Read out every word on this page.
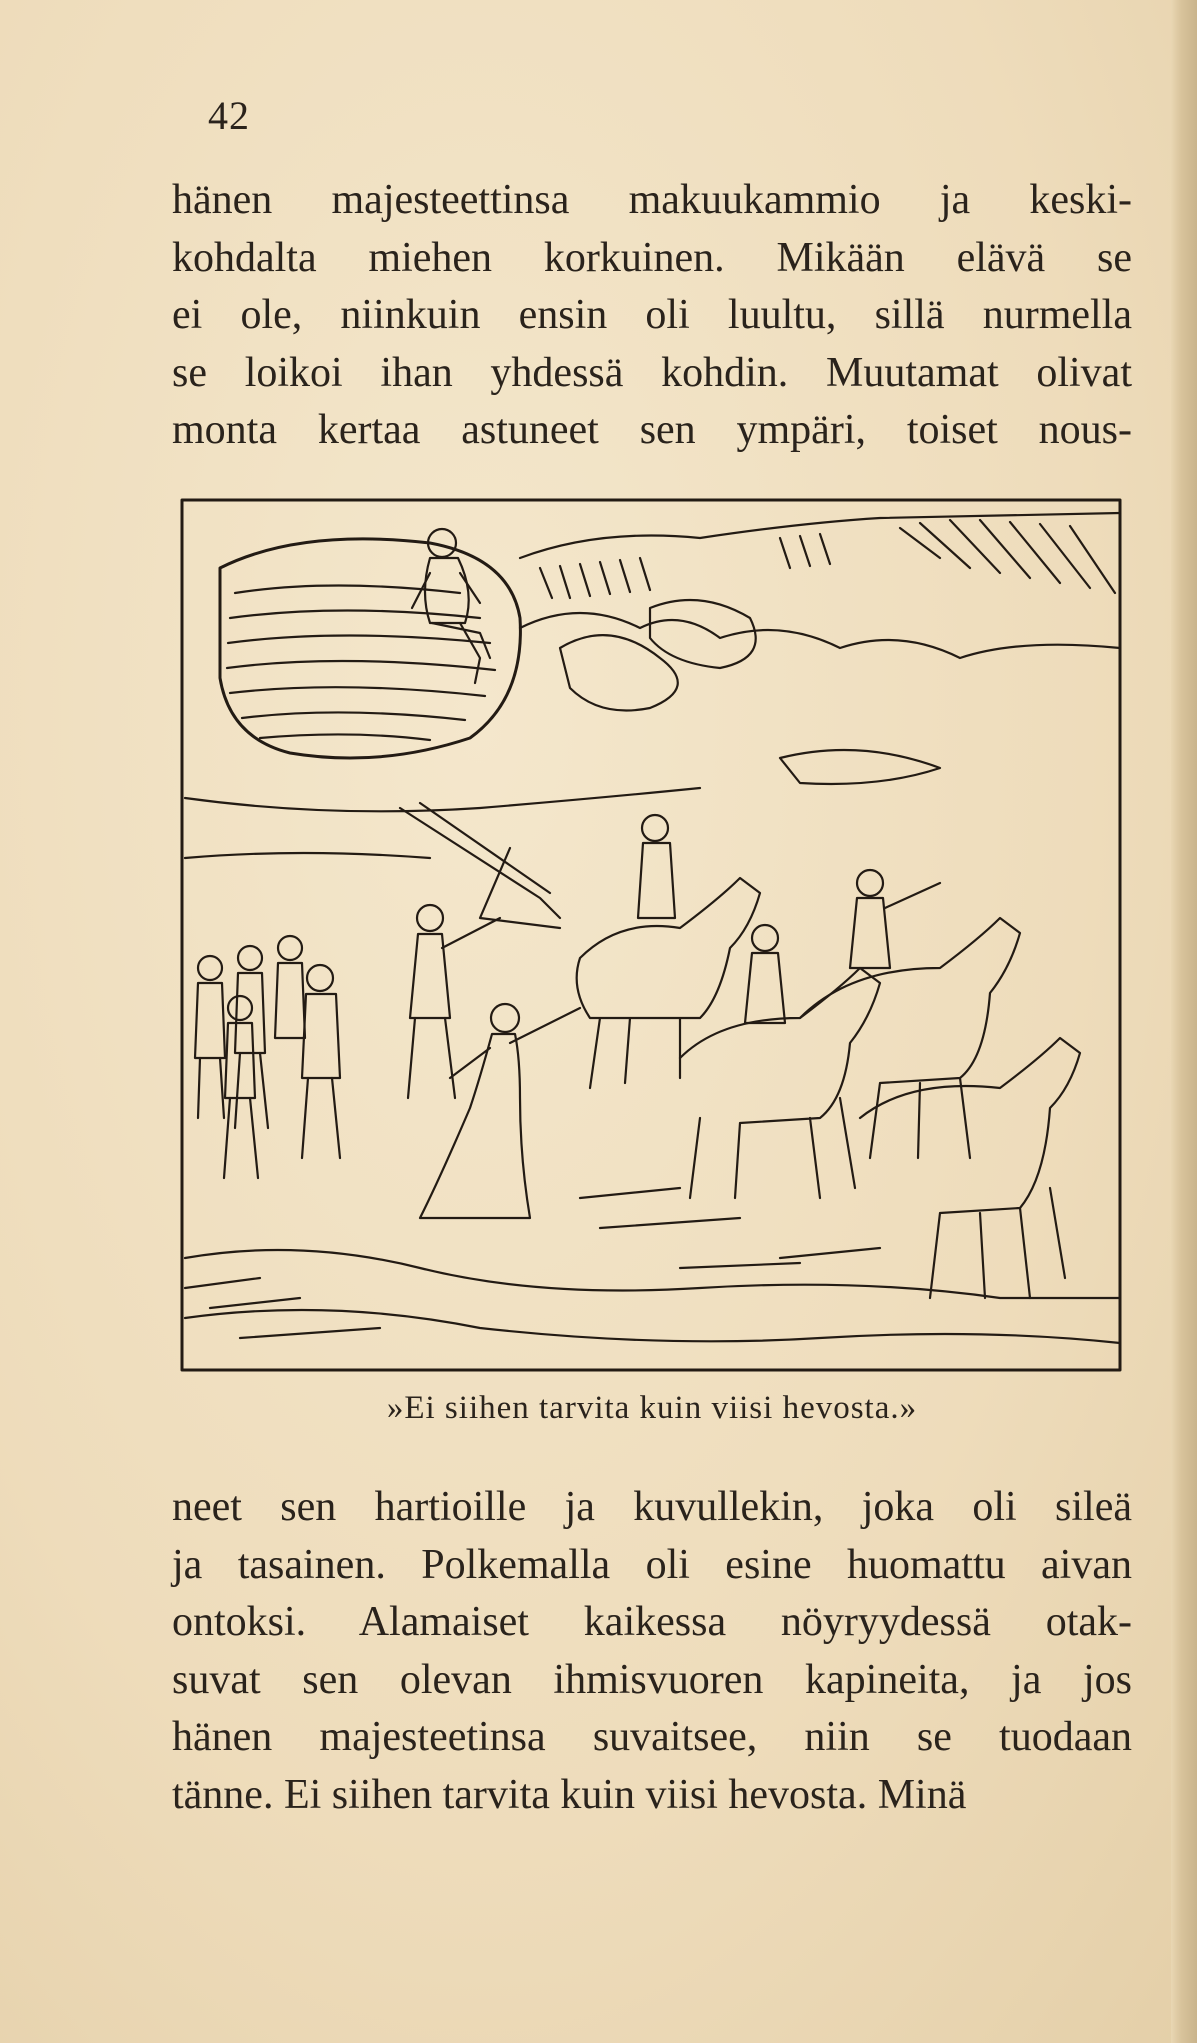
42
hänen majesteettinsa makuukammio ja keski-
kohdalta miehen korkuinen. Mikään elävä se
ei ole, niinkuin ensin oli luultu, sillä nurmella
se loikoi ihan yhdessä kohdin. Muutamat olivat
monta kertaa astuneet sen ympäri, toiset nous-
»Ei siihen tarvita kuin viisi hevosta.»
neet sen hartioille ja kuvullekin, joka oli sileä
ja tasainen. Polkemalla oli esine huomattu aivan
ontoksi. Alamaiset kaikessa nöyryydessä otak-
suvat sen olevan ihmisvuoren kapineita, ja jos
hänen majesteetinsa suvaitsee, niin se tuodaan
tänne. Ei siihen tarvita kuin viisi hevosta. Minä
